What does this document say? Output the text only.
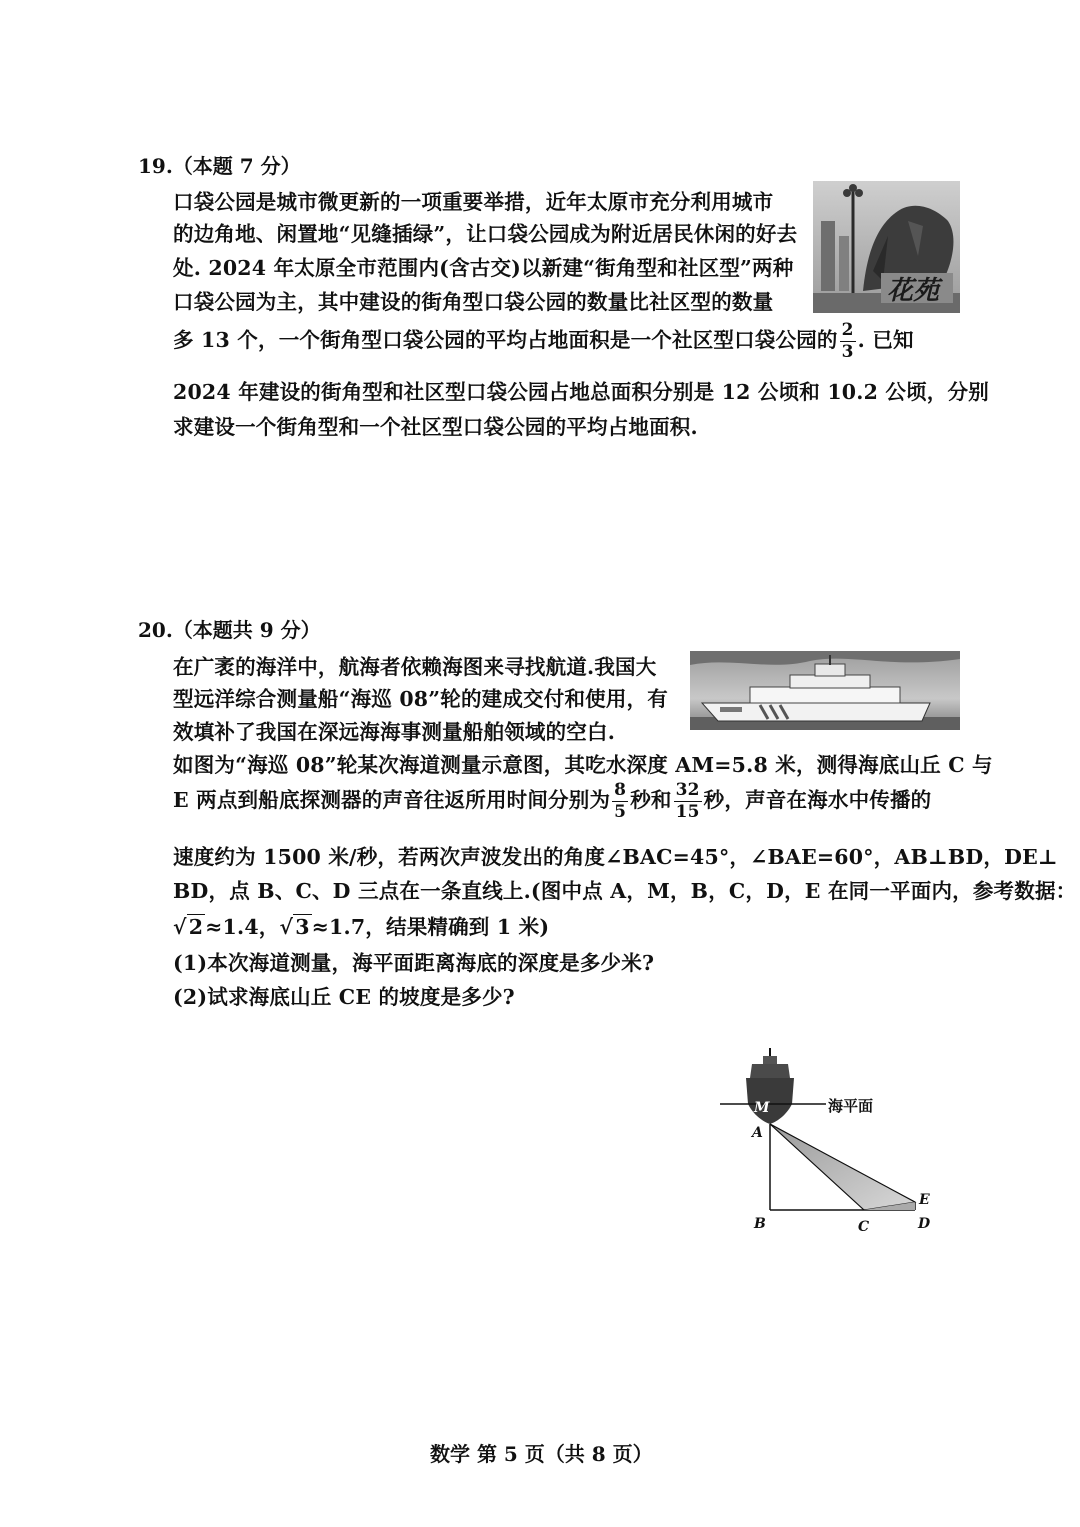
19.（本题 7 分）
口袋公园是城市微更新的一项重要举措，近年太原市充分利用城市
的边角地、闲置地“见缝插绿”，让口袋公园成为附近居民休闲的好去
处. 2024 年太原全市范围内(含古交)以新建“街角型和社区型”两种
口袋公园为主，其中建设的街角型口袋公园的数量比社区型的数量
多 13 个，一个街角型口袋公园的平均占地面积是一个社区型口袋公园的 $\frac{2}{3}$ . 已知
2024 年建设的街角型和社区型口袋公园占地总面积分别是 12 公顷和 10.2 公顷，分别
求建设一个街角型和一个社区型口袋公园的平均占地面积.
花苑
20.（本题共 9 分）
在广袤的海洋中，航海者依赖海图来寻找航道.我国大
型远洋综合测量船“海巡 08”轮的建成交付和使用，有
效填补了我国在深远海海事测量船舶领域的空白.
如图为“海巡 08”轮某次海道测量示意图，其吃水深度 AM=5.8 米，测得海底山丘 C 与
E 两点到船底探测器的声音往返所用时间分别为 $\frac{8}{5}$ 秒和 $\frac{32}{15}$ 秒，声音在海水中传播的
速度约为 1500 米/秒，若两次声波发出的角度∠BAC=45°，∠BAE=60°，AB⊥BD，DE⊥
BD，点 B、C、D 三点在一条直线上.(图中点 A，M，B，C，D，E 在同一平面内，参考数据：
√2≈1.4，√3≈1.7，结果精确到 1 米)
(1)本次海道测量，海平面距离海底的深度是多少米?
(2)试求海底山丘 CE 的坡度是多少?
海平面
M
A
B	C	D
E
数学 第 5 页（共 8 页）
